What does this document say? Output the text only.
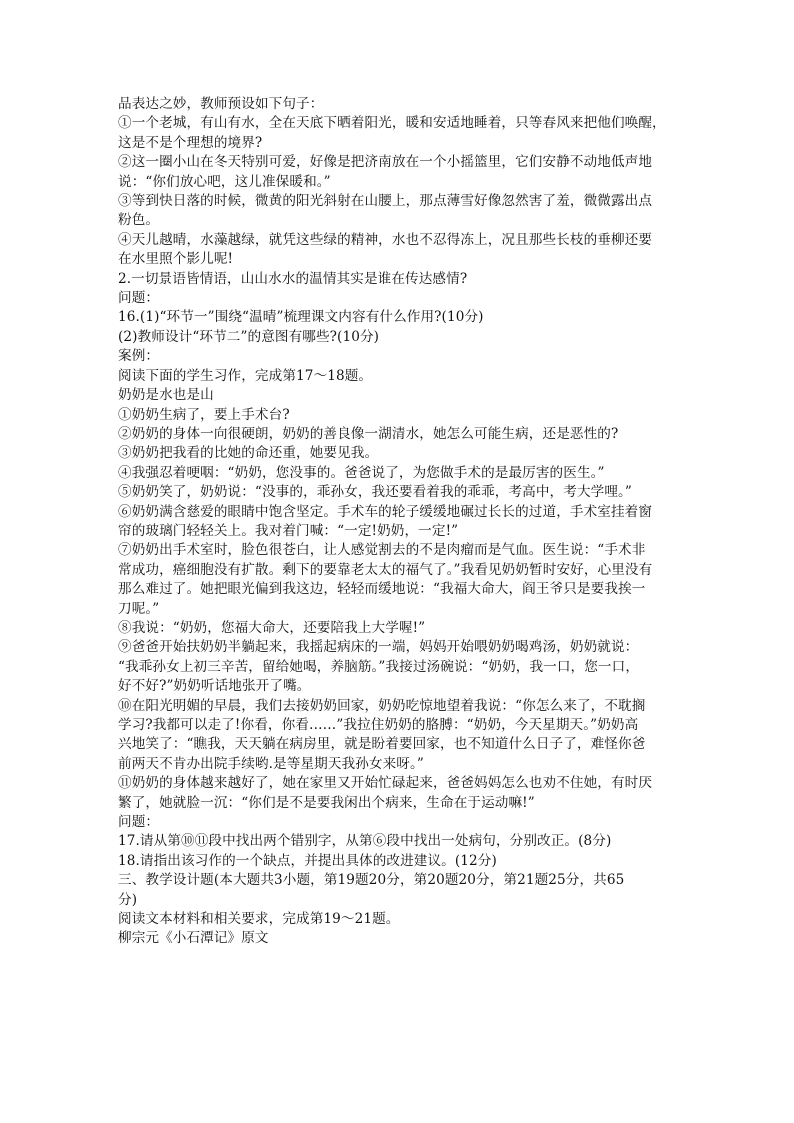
品表达之妙，教师预设如下句子：

①一个老城，有山有水，全在天底下晒着阳光，暖和安适地睡着，只等春风来把他们唤醒，

这是不是个理想的境界?

②这一圈小山在冬天特别可爱，好像是把济南放在一个小摇篮里，它们安静不动地低声地

说：“你们放心吧，这儿准保暖和。”

③等到快日落的时候，微黄的阳光斜射在山腰上，那点薄雪好像忽然害了羞，微微露出点

粉色。

④天儿越晴，水藻越绿，就凭这些绿的精神，水也不忍得冻上，况且那些长枝的垂柳还要

在水里照个影儿呢!

2.一切景语皆情语，山山水水的温情其实是谁在传达感情?

问题：

16.(1)“环节一”围绕“温晴”梳理课文内容有什么作用?(10分)

(2)教师设计“环节二”的意图有哪些?(10分)

案例：

阅读下面的学生习作，完成第17～18题。

奶奶是水也是山

①奶奶生病了，要上手术台?

②奶奶的身体一向很硬朗，奶奶的善良像一湖清水，她怎么可能生病，还是恶性的?

③奶奶把我看的比她的命还重，她要见我。

④我强忍着哽咽：“奶奶，您没事的。爸爸说了，为您做手术的是最厉害的医生。”

⑤奶奶笑了，奶奶说：“没事的，乖孙女，我还要看着我的乖乖，考高中，考大学哩。”

⑥奶奶满含慈爱的眼睛中饱含坚定。手术车的轮子缓缓地碾过长长的过道，手术室挂着窗

帘的玻璃门轻轻关上。我对着门喊：“一定!奶奶，一定!”

⑦奶奶出手术室时，脸色很苍白，让人感觉割去的不是肉瘤而是气血。医生说：“手术非

常成功，癌细胞没有扩散。剩下的要靠老太太的福气了。”我看见奶奶暂时安好，心里没有

那么难过了。她把眼光偏到我这边，轻轻而缓地说：“我福大命大，阎王爷只是要我挨一

刀呢。”

⑧我说：“奶奶，您福大命大，还要陪我上大学喔!”

⑨爸爸开始扶奶奶半躺起来，我摇起病床的一端，妈妈开始喂奶奶喝鸡汤，奶奶就说：

“我乖孙女上初三辛苦，留给她喝，养脑筋。”我接过汤碗说：“奶奶，我一口，您一口，

好不好?”奶奶听话地张开了嘴。

⑩在阳光明媚的早晨，我们去接奶奶回家，奶奶吃惊地望着我说：“你怎么来了，不耽搁

学习?我都可以走了!你看，你看……”我拉住奶奶的胳膊：“奶奶，今天星期天。”奶奶高

兴地笑了：“瞧我，天天躺在病房里，就是盼着要回家，也不知道什么日子了，难怪你爸

前两天不肯办出院手续哟.是等星期天我孙女来呀。”

⑪奶奶的身体越来越好了，她在家里又开始忙碌起来，爸爸妈妈怎么也劝不住她，有时厌

繁了，她就脸一沉：“你们是不是要我闲出个病来，生命在于运动嘛!”

问题：

17.请从第⑩⑪段中找出两个错别字，从第⑥段中找出一处病句，分别改正。(8分)

18.请指出该习作的一个缺点，并提出具体的改进建议。(12分)

三、教学设计题(本大题共3小题，第19题20分，第20题20分，第21题25分，共65

分)

阅读文本材料和相关要求，完成第19～21题。

柳宗元《小石潭记》原文
